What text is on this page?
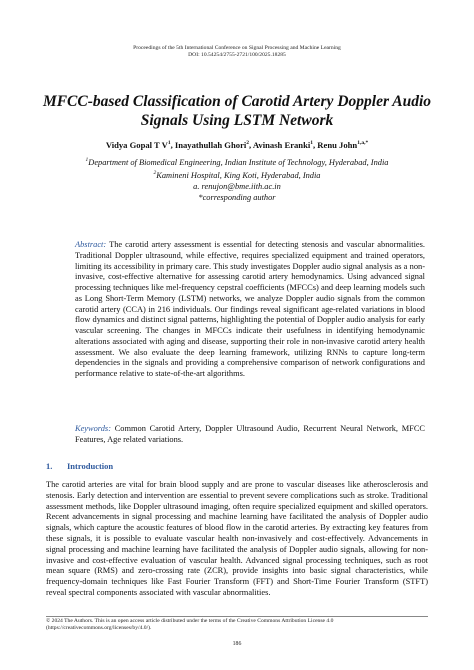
Proceedings of the 5th International Conference on Signal Processing and Machine Learning
DOI: 10.54254/2755-2721/100/2025.18285
MFCC-based Classification of Carotid Artery Doppler Audio
Signals Using LSTM Network
Vidya Gopal T $V^1$, Inayathullah Ghori$^2$, Avinash Eranki$^1$, Renu John$^{1,a,*}$

$^1$Department of Biomedical Engineering, Indian Institute of Technology, Hyderabad, India

$^2$Kamineni Hospital, King Koti, Hyderabad, India

a. renujon@bme.iith.ac.in

*corresponding author

Abstract: The carotid artery assessment is essential for detecting stenosis and vascular abnormalities. Traditional Doppler ultrasound, while effective, requires specialized equipment and trained operators, limiting its accessibility in primary care. This study investigates Doppler audio signal analysis as a non-invasive, cost-effective alternative for assessing carotid artery hemodynamics. Using advanced signal processing techniques like mel-frequency cepstral coefficients (MFCCs) and deep learning models such as Long Short-Term Memory (LSTM) networks, we analyze Doppler audio signals from the common carotid artery (CCA) in 216 individuals. Our findings reveal significant age-related variations in blood flow dynamics and distinct signal patterns, highlighting the potential of Doppler audio analysis for early vascular screening. The changes in MFCCs indicate their usefulness in identifying hemodynamic alterations associated with aging and disease, supporting their role in non-invasive carotid artery health assessment. We also evaluate the deep learning framework, utilizing RNNs to capture long-term dependencies in the signals and providing a comprehensive comparison of network configurations and performance relative to state-of-the-art algorithms.

Keywords: Common Carotid Artery, Doppler Ultrasound Audio, Recurrent Neural Network, MFCC Features, Age related variations.

1. Introduction

The carotid arteries are vital for brain blood supply and are prone to vascular diseases like atherosclerosis and stenosis. Early detection and intervention are essential to prevent severe complications such as stroke. Traditional assessment methods, like Doppler ultrasound imaging, often require specialized equipment and skilled operators. Recent advancements in signal processing and machine learning have facilitated the analysis of Doppler audio signals, which capture the acoustic features of blood flow in the carotid arteries. By extracting key features from these signals, it is possible to evaluate vascular health non-invasively and cost-effectively. Advancements in signal processing and machine learning have facilitated the analysis of Doppler audio signals, allowing for non-invasive and cost-effective evaluation of vascular health. Advanced signal processing techniques, such as root mean square (RMS) and zero-crossing rate (ZCR), provide insights into basic signal characteristics, while frequency-domain techniques like Fast Fourier Transform (FFT) and Short-Time Fourier Transform (STFT) reveal spectral components associated with vascular abnormalities.

© 2024 The Authors. This is an open access article distributed under the terms of the Creative Commons Attribution License 4.0
(https://creativecommons.org/licenses/by/4.0/).
186
